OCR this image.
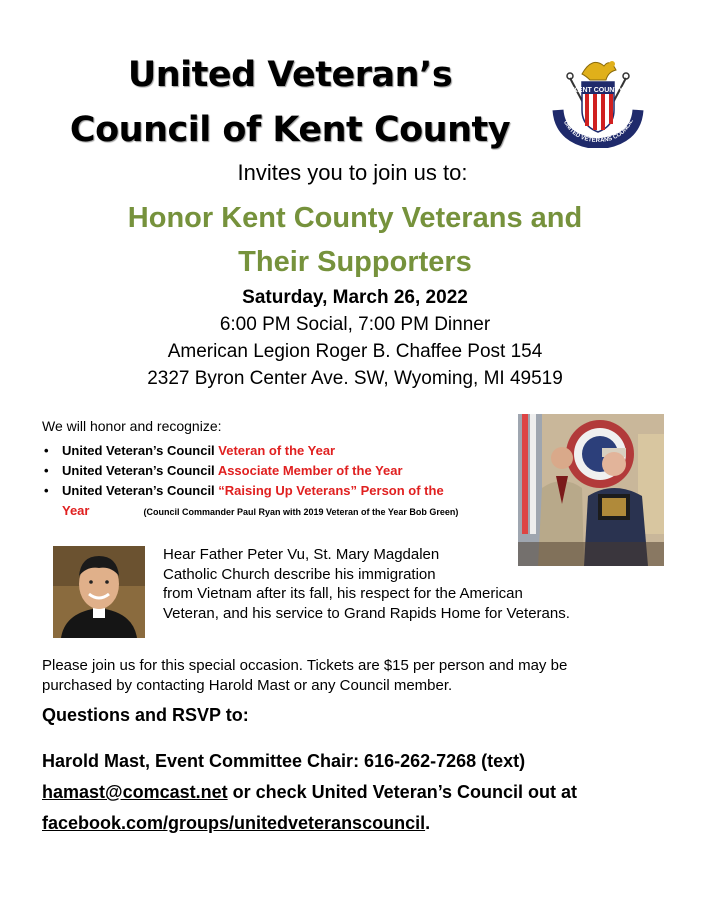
United Veteran’s
Council of Kent County
KENT COUNTY
UNITED VETERANS COUNCIL
Invites you to join us to:
Honor Kent County Veterans and
Their Supporters
Saturday, March 26, 2022
6:00 PM Social, 7:00 PM Dinner
American Legion Roger B. Chaffee Post 154
2327 Byron Center Ave. SW, Wyoming, MI 49519
We will honor and recognize:
• United Veteran’s Council Veteran of the Year
• United Veteran’s Council Associate Member of the Year
• United Veteran’s Council “Raising Up Veterans” Person of the
Year	(Council Commander Paul Ryan with 2019 Veteran of the Year Bob Green)
Hear Father Peter Vu, St. Mary Magdalen
Catholic Church describe his immigration
from Vietnam after its fall, his respect for the American
Veteran, and his service to Grand Rapids Home for Veterans.
Please join us for this special occasion. Tickets are $15 per person and may be
purchased by contacting Harold Mast or any Council member.
Questions and RSVP to:
Harold Mast, Event Committee Chair: 616-262-7268 (text)
hamast@comcast.net or check United Veteran’s Council out at
facebook.com/groups/unitedveteranscouncil.
